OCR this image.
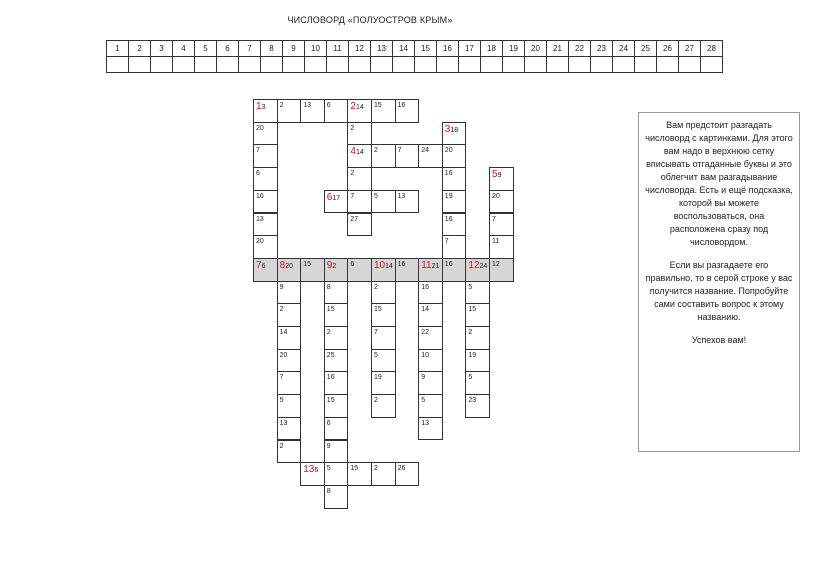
ЧИСЛОВОРД «ПОЛУОСТРОВ КРЫМ»
1	2	3	4	5	6	7	8	9	10	11	12	13	14	15	16	17	18	19	20	21	22	23	24	25	26	27	28

13	2	13	6	214	15	16
20
7
6
16
13
20
2
414	2	7	24	20
318
16
19
16
7
2
617	7	5	13
27
59
20
7
11
76	820	15	92	6	1014 16	1121 16	1224 12
9
2
14
20
7
5
13
2
8
15
2
25
16
15
6
9
5
8
136	15	2	26
2
15
7
5
19
2
16
14
22
10
9
5
13
5
15
2
19
5
23

Вам предстоит разгадать числоворд с картинками. Для этого вам надо в верхнюю сетку вписывать отгаданные буквы и это облегчит вам разгадывание числоворда. Есть и ещё подсказка, которой вы можете воспользоваться, она расположена сразу под числовордом.

Если вы разгадаете его правильно, то в серой строке у вас получится название. Попробуйте сами составить вопрос к этому названию.

Успехов вам!
